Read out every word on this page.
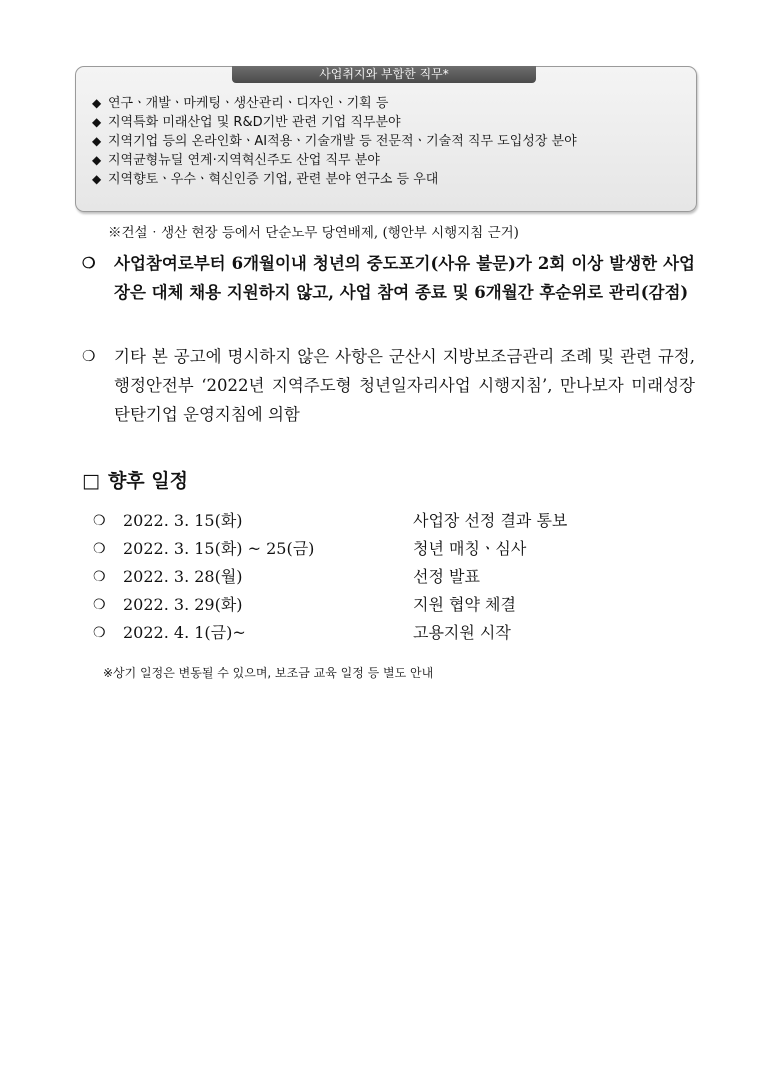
사업취지와 부합한 직무*
◆ 연구ㆍ개발ㆍ마케팅ㆍ생산관리ㆍ디자인ㆍ기획 등
◆ 지역특화 미래산업 및 R&D기반 관련 기업 직무분야
◆ 지역기업 등의 온라인화ㆍAI적용ㆍ기술개발 등 전문적ㆍ기술적 직무 도입성장 분야
◆ 지역균형뉴딜 연계‧지역혁신주도 산업 직무 분야
◆ 지역향토ㆍ우수ㆍ혁신인증 기업, 관련 분야 연구소 등 우대
※건설‧생산 현장 등에서 단순노무 당연배제, (행안부 시행지침 근거)
❍ 사업참여로부터 6개월이내 청년의 중도포기(사유 불문)가 2회 이상 발생한 사업장은 대체 채용 지원하지 않고, 사업 참여 종료 및 6개월간 후순위로 관리(감점)
❍ 기타 본 공고에 명시하지 않은 사항은 군산시 지방보조금관리 조례 및 관련 규정, 행정안전부 ‘2022년 지역주도형 청년일자리사업 시행지침’, 만나보자 미래성장 탄탄기업 운영지침에 의함
□ 향후 일정
❍ 2022. 3. 15(화)	사업장 선정 결과 통보
❍ 2022. 3. 15(화) ~ 25(금)	청년 매칭ㆍ심사
❍ 2022. 3. 28(월)	선정 발표
❍ 2022. 3. 29(화)	지원 협약 체결
❍ 2022. 4. 1(금)~	고용지원 시작
※상기 일정은 변동될 수 있으며, 보조금 교육 일정 등 별도 안내
